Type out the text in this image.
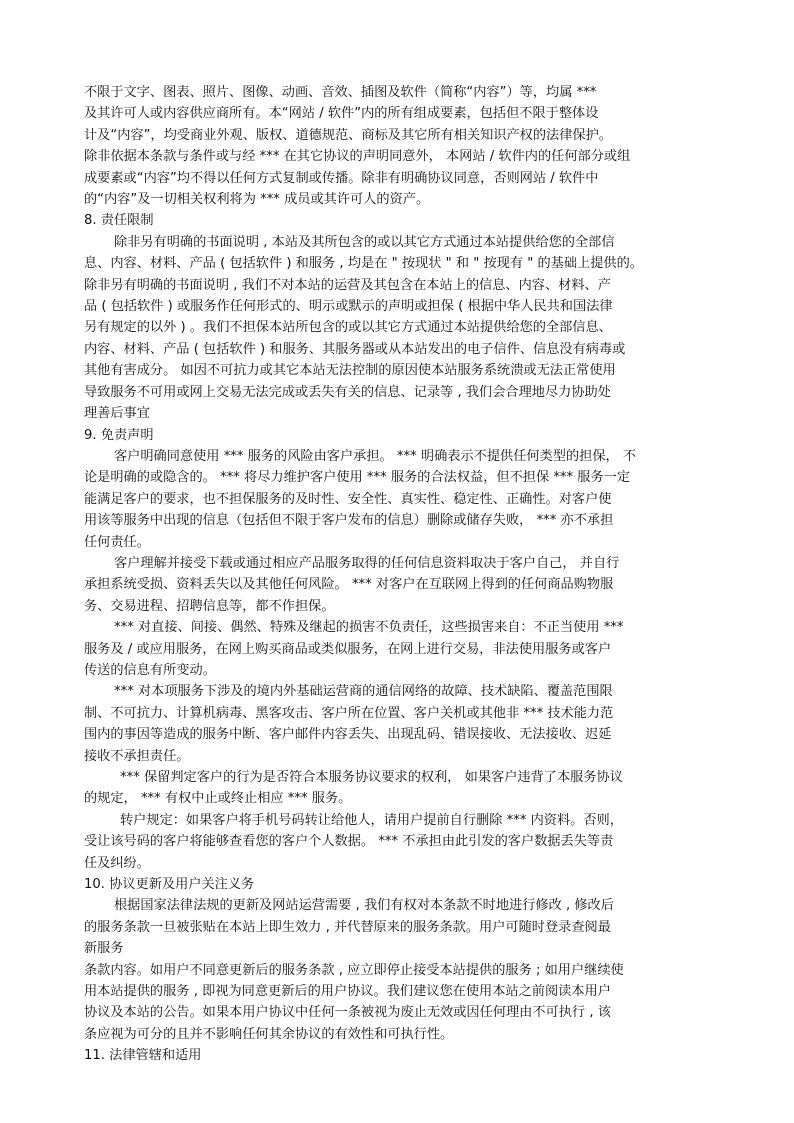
不限于文字、图表、照片、图像、动画、音效、插图及软件（简称“内容”）等，均属 ***
及其许可人或内容供应商所有。本“网站 / 软件”内的所有组成要素，包括但不限于整体设
计及“内容”，均受商业外观、版权、道德规范、商标及其它所有相关知识产权的法律保护。
除非依据本条款与条件或与经 *** 在其它协议的声明同意外， 本网站 / 软件内的任何部分或组
成要素或“内容”均不得以任何方式复制或传播。除非有明确协议同意，否则网站 / 软件中
的“内容”及一切相关权利将为 *** 成员或其许可人的资产。
8. 责任限制
除非另有明确的书面说明 , 本站及其所包含的或以其它方式通过本站提供给您的全部信
息、内容、材料、产品 ( 包括软件 ) 和服务 , 均是在 " 按现状 " 和 " 按现有 " 的基础上提供的。
除非另有明确的书面说明 , 我们不对本站的运营及其包含在本站上的信息、内容、材料、产
品 ( 包括软件 ) 或服务作任何形式的、明示或默示的声明或担保 ( 根据中华人民共和国法律
另有规定的以外 ) 。我们不担保本站所包含的或以其它方式通过本站提供给您的全部信息、
内容、材料、产品 ( 包括软件 ) 和服务、其服务器或从本站发出的电子信件、信息没有病毒或
其他有害成分。 如因不可抗力或其它本站无法控制的原因使本站服务系统溃或无法正常使用
导致服务不可用或网上交易无法完成或丢失有关的信息、记录等 , 我们会合理地尽力协助处
理善后事宜
9. 免责声明
客户明确同意使用 *** 服务的风险由客户承担。 *** 明确表示不提供任何类型的担保， 不
论是明确的或隐含的。 *** 将尽力维护客户使用 *** 服务的合法权益，但不担保 *** 服务一定
能满足客户的要求，也不担保服务的及时性、安全性、真实性、稳定性、正确性。对客户使
用该等服务中出现的信息（包括但不限于客户发布的信息）删除或储存失败， *** 亦不承担
任何责任。
客户理解并接受下载或通过相应产品服务取得的任何信息资料取决于客户自己， 并自行
承担系统受损、资料丢失以及其他任何风险。 *** 对客户在互联网上得到的任何商品购物服
务、交易进程、招聘信息等，都不作担保。
*** 对直接、间接、偶然、特殊及继起的损害不负责任，这些损害来自：不正当使用 ***
服务及 / 或应用服务，在网上购买商品或类似服务，在网上进行交易，非法使用服务或客户
传送的信息有所变动。
*** 对本项服务下涉及的境内外基础运营商的通信网络的故障、技术缺陷、覆盖范围限
制、不可抗力、计算机病毒、黑客攻击、客户所在位置、客户关机或其他非 *** 技术能力范
围内的事因等造成的服务中断、客户邮件内容丢失、出现乱码、错误接收、无法接收、迟延
接收不承担责任。
*** 保留判定客户的行为是否符合本服务协议要求的权利， 如果客户违背了本服务协议
的规定， *** 有权中止或终止相应 *** 服务。
转户规定：如果客户将手机号码转让给他人，请用户提前自行删除 *** 内资料。否则，
受让该号码的客户将能够查看您的客户个人数据。 *** 不承担由此引发的客户数据丢失等责
任及纠纷。
10. 协议更新及用户关注义务
根据国家法律法规的更新及网站运营需要 , 我们有权对本条款不时地进行修改 , 修改后
的服务条款一旦被张贴在本站上即生效力 , 并代替原来的服务条款。用户可随时登录查阅最
新服务
条款内容。如用户不同意更新后的服务条款 , 应立即停止接受本站提供的服务 ; 如用户继续使
用本站提供的服务 , 即视为同意更新后的用户协议。我们建议您在使用本站之前阅读本用户
协议及本站的公告。如果本用户协议中任何一条被视为废止无效或因任何理由不可执行 , 该
条应视为可分的且并不影响任何其余协议的有效性和可执行性。
11. 法律管辖和适用
